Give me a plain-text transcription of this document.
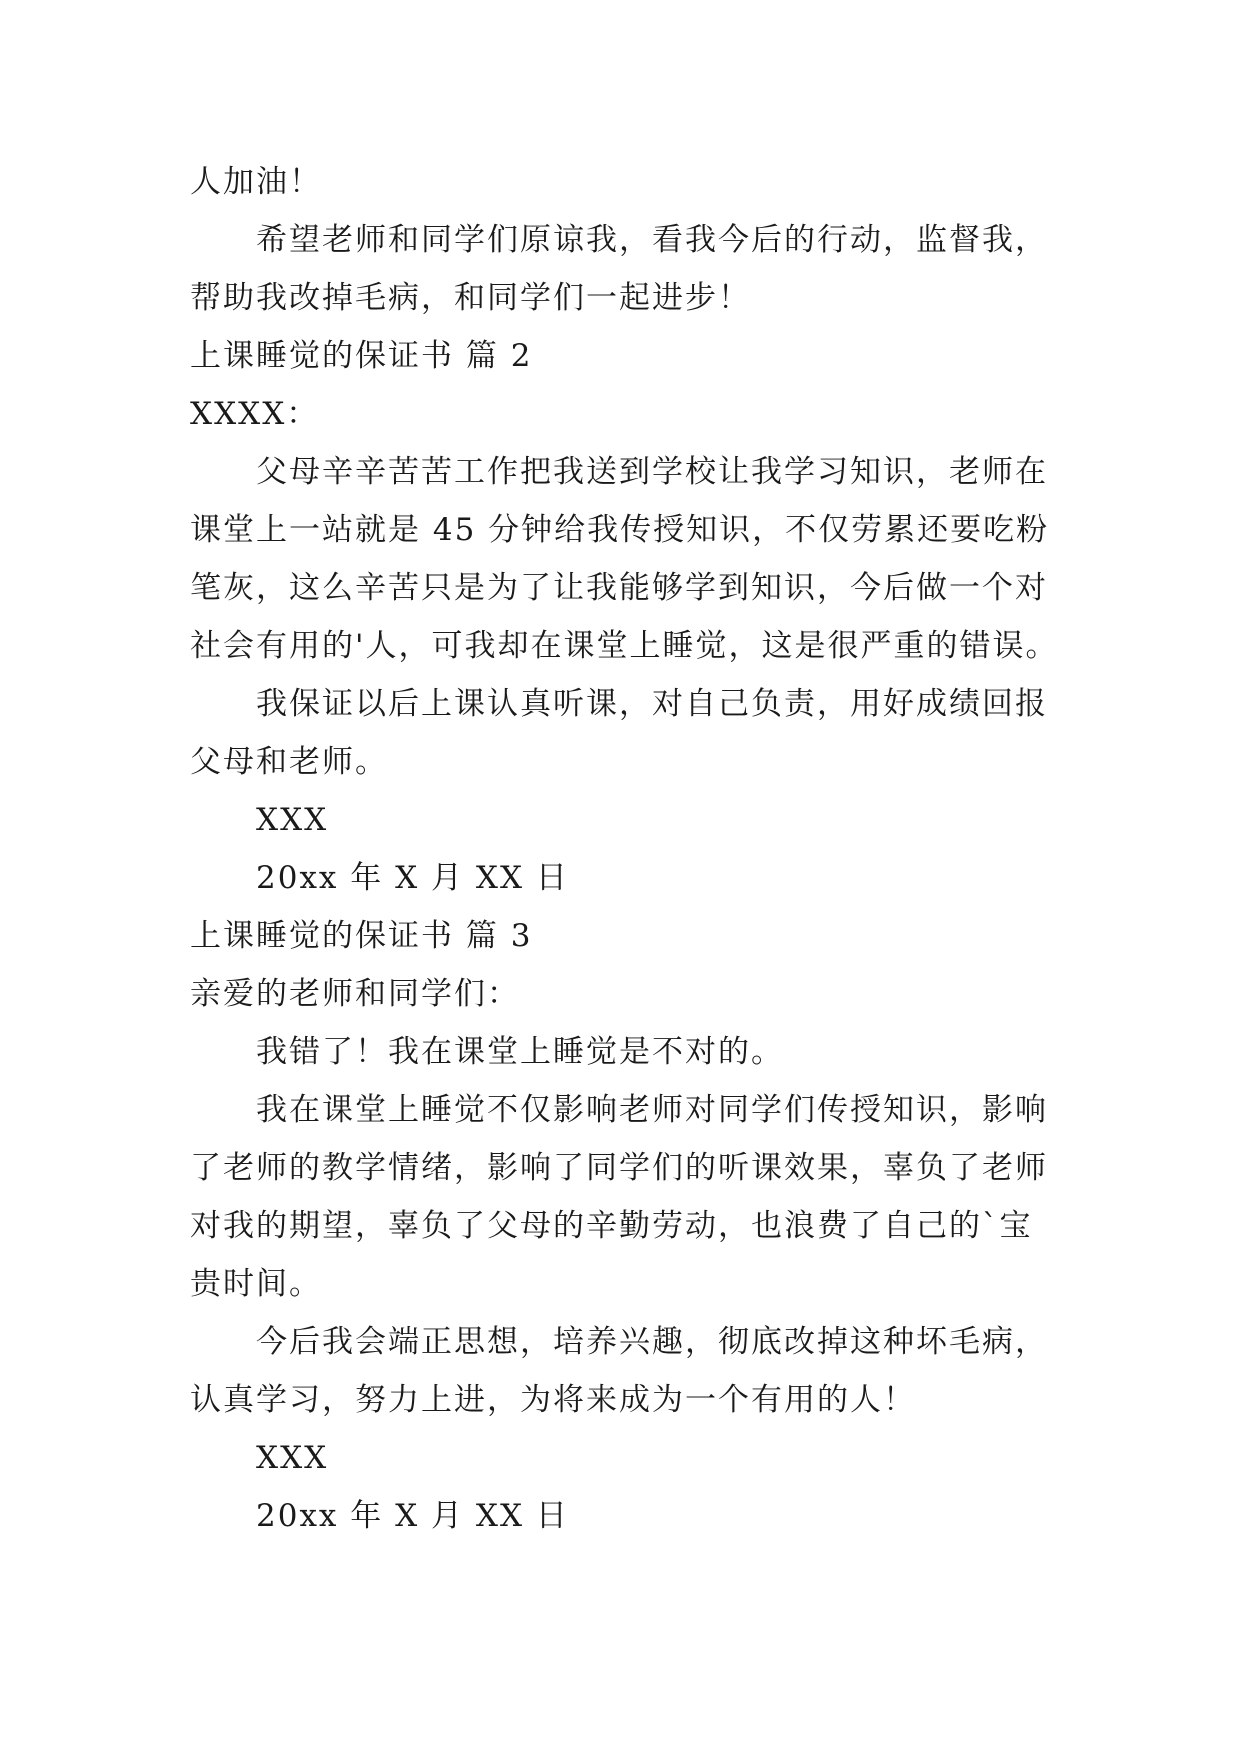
人加油！
希望老师和同学们原谅我，看我今后的行动，监督我，
帮助我改掉毛病，和同学们一起进步！
上课睡觉的保证书 篇 2
XXXX：
父母辛辛苦苦工作把我送到学校让我学习知识，老师在
课堂上一站就是 45 分钟给我传授知识，不仅劳累还要吃粉
笔灰，这么辛苦只是为了让我能够学到知识，今后做一个对
社会有用的'人，可我却在课堂上睡觉，这是很严重的错误。
我保证以后上课认真听课，对自己负责，用好成绩回报
父母和老师。
XXX
20xx 年 X 月 XX 日
上课睡觉的保证书 篇 3
亲爱的老师和同学们：
我错了！我在课堂上睡觉是不对的。
我在课堂上睡觉不仅影响老师对同学们传授知识，影响
了老师的教学情绪，影响了同学们的听课效果，辜负了老师
对我的期望，辜负了父母的辛勤劳动，也浪费了自己的`宝
贵时间。
今后我会端正思想，培养兴趣，彻底改掉这种坏毛病，
认真学习，努力上进，为将来成为一个有用的人！
XXX
20xx 年 X 月 XX 日
